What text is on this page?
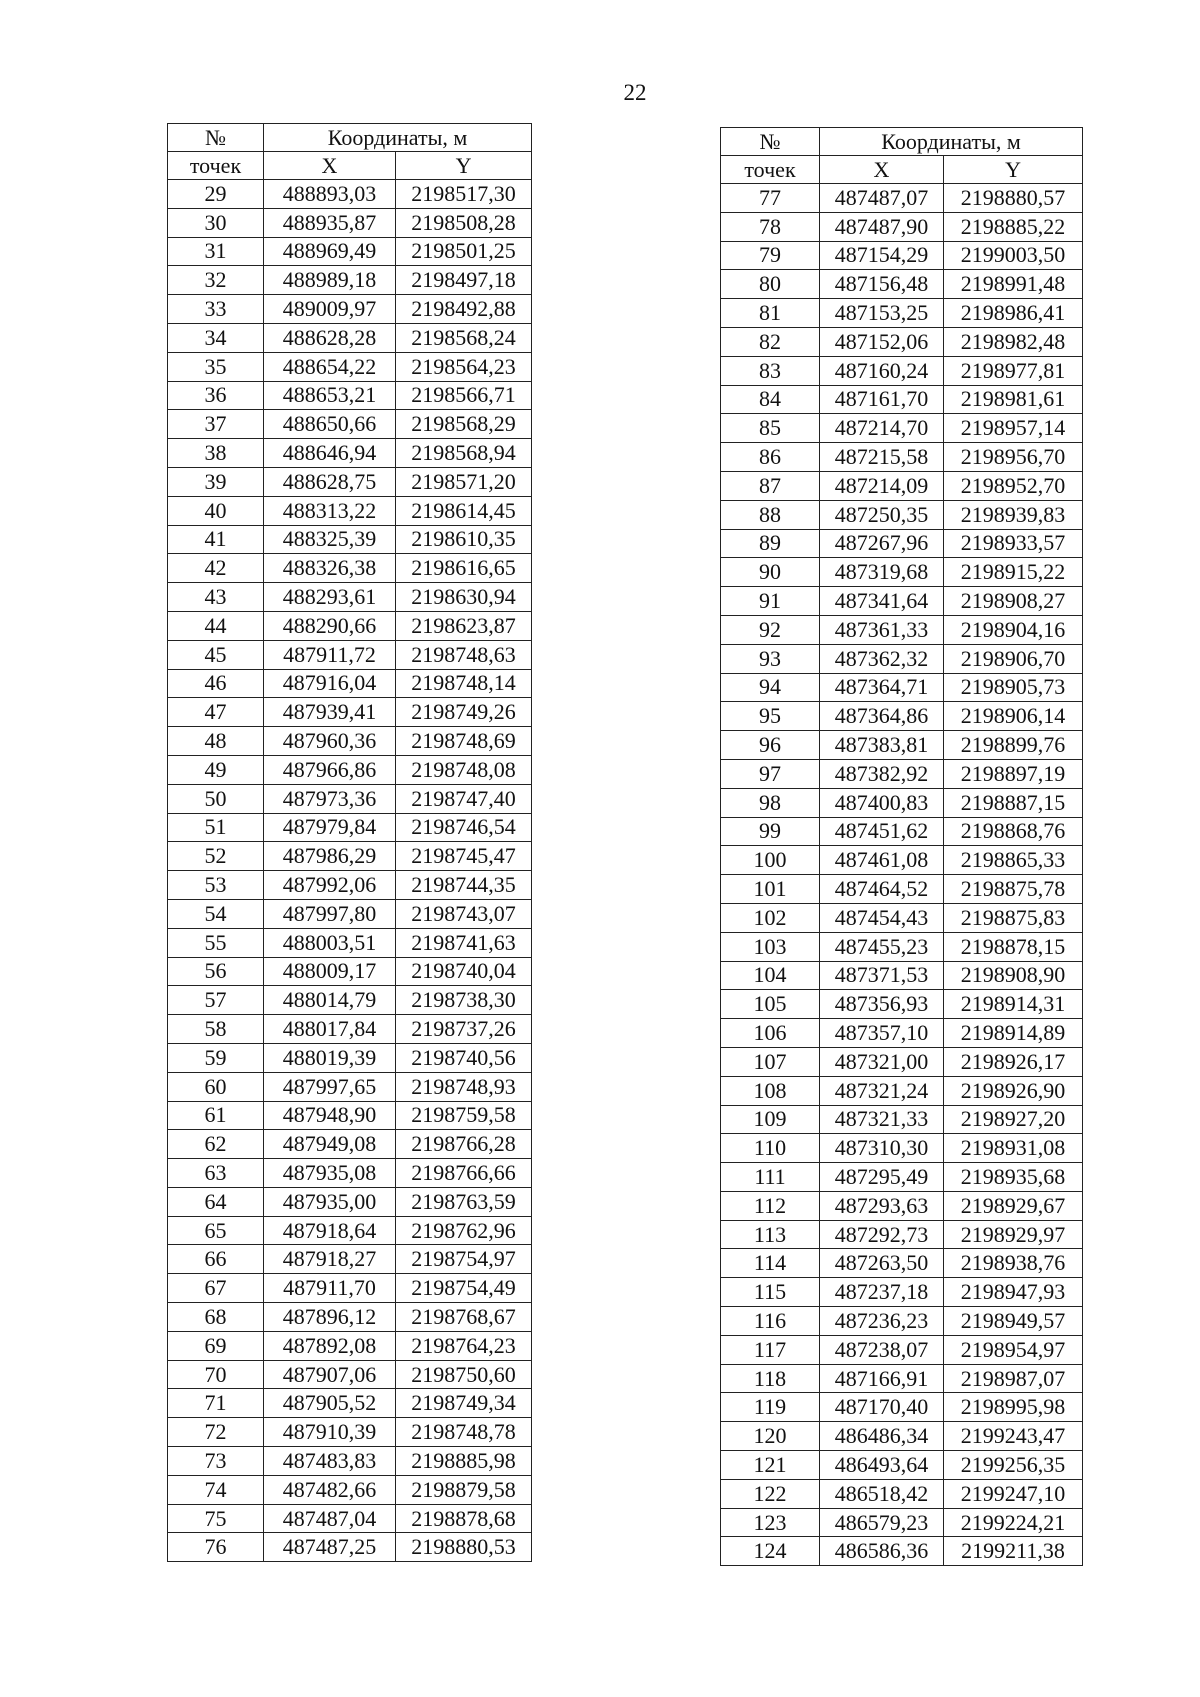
22
№	Координаты, м	
точек	X	Y
29	488893,03	2198517,30
30	488935,87	2198508,28
31	488969,49	2198501,25
32	488989,18	2198497,18
33	489009,97	2198492,88
34	488628,28	2198568,24
35	488654,22	2198564,23
36	488653,21	2198566,71
37	488650,66	2198568,29
38	488646,94	2198568,94
39	488628,75	2198571,20
40	488313,22	2198614,45
41	488325,39	2198610,35
42	488326,38	2198616,65
43	488293,61	2198630,94
44	488290,66	2198623,87
45	487911,72	2198748,63
46	487916,04	2198748,14
47	487939,41	2198749,26
48	487960,36	2198748,69
49	487966,86	2198748,08
50	487973,36	2198747,40
51	487979,84	2198746,54
52	487986,29	2198745,47
53	487992,06	2198744,35
54	487997,80	2198743,07
55	488003,51	2198741,63
56	488009,17	2198740,04
57	488014,79	2198738,30
58	488017,84	2198737,26
59	488019,39	2198740,56
60	487997,65	2198748,93
61	487948,90	2198759,58
62	487949,08	2198766,28
63	487935,08	2198766,66
64	487935,00	2198763,59
65	487918,64	2198762,96
66	487918,27	2198754,97
67	487911,70	2198754,49
68	487896,12	2198768,67
69	487892,08	2198764,23
70	487907,06	2198750,60
71	487905,52	2198749,34
72	487910,39	2198748,78
73	487483,83	2198885,98
74	487482,66	2198879,58
75	487487,04	2198878,68
76	487487,25	2198880,53
№	Координаты, м	
точек	X	Y
77	487487,07	2198880,57
78	487487,90	2198885,22
79	487154,29	2199003,50
80	487156,48	2198991,48
81	487153,25	2198986,41
82	487152,06	2198982,48
83	487160,24	2198977,81
84	487161,70	2198981,61
85	487214,70	2198957,14
86	487215,58	2198956,70
87	487214,09	2198952,70
88	487250,35	2198939,83
89	487267,96	2198933,57
90	487319,68	2198915,22
91	487341,64	2198908,27
92	487361,33	2198904,16
93	487362,32	2198906,70
94	487364,71	2198905,73
95	487364,86	2198906,14
96	487383,81	2198899,76
97	487382,92	2198897,19
98	487400,83	2198887,15
99	487451,62	2198868,76
100	487461,08	2198865,33
101	487464,52	2198875,78
102	487454,43	2198875,83
103	487455,23	2198878,15
104	487371,53	2198908,90
105	487356,93	2198914,31
106	487357,10	2198914,89
107	487321,00	2198926,17
108	487321,24	2198926,90
109	487321,33	2198927,20
110	487310,30	2198931,08
111	487295,49	2198935,68
112	487293,63	2198929,67
113	487292,73	2198929,97
114	487263,50	2198938,76
115	487237,18	2198947,93
116	487236,23	2198949,57
117	487238,07	2198954,97
118	487166,91	2198987,07
119	487170,40	2198995,98
120	486486,34	2199243,47
121	486493,64	2199256,35
122	486518,42	2199247,10
123	486579,23	2199224,21
124	486586,36	2199211,38
